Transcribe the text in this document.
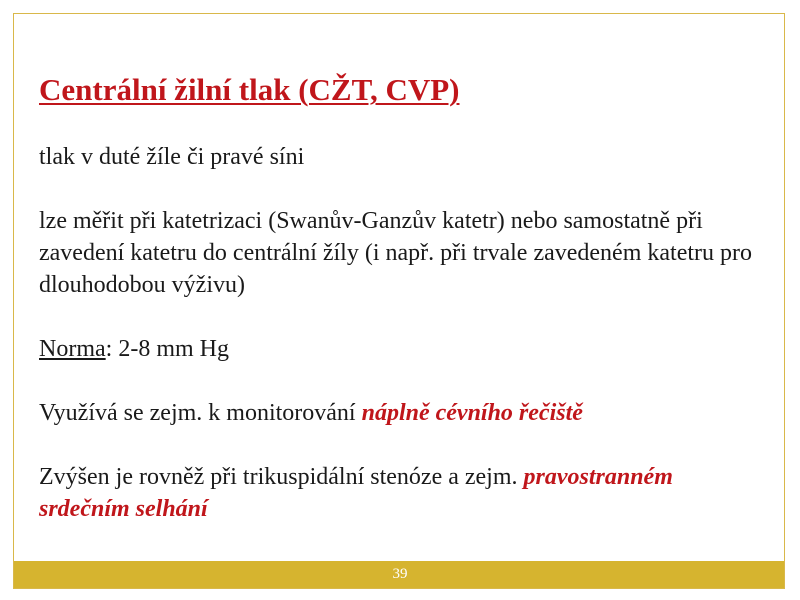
Centrální žilní tlak (CŽT, CVP)
tlak v duté žíle či pravé síni
lze měřit při katetrizaci (Swanův-Ganzův katetr) nebo samostatně při zavedení katetru do centrální žíly (i např. při trvale zavedeném katetru pro dlouhodobou výživu)
Norma: 2-8 mm Hg
Využívá se zejm. k monitorování náplně cévního řečiště
Zvýšen je rovněž při trikuspidální stenóze a zejm. pravostranném srdečním selhání
39
